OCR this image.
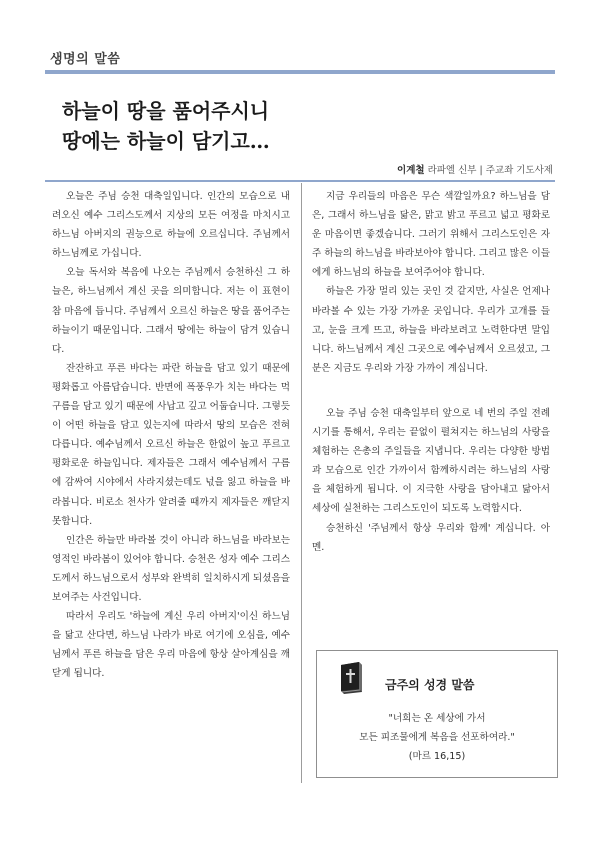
생명의 말씀
하늘이 땅을 품어주시니
땅에는 하늘이 담기고…
이계철 라파엘 신부 | 주교좌 기도사제

오늘은 주님 승천 대축일입니다. 인간의 모습으로 내려오신 예수 그리스도께서 지상의 모든 여정을 마치시고 하느님 아버지의 권능으로 하늘에 오르십니다. 주님께서 하느님께로 가십니다.

오늘 독서와 복음에 나오는 주님께서 승천하신 그 하늘은, 하느님께서 계신 곳을 의미합니다. 저는 이 표현이 참 마음에 듭니다. 주님께서 오르신 하늘은 땅을 품어주는 하늘이기 때문입니다. 그래서 땅에는 하늘이 담겨 있습니다.

잔잔하고 푸른 바다는 파란 하늘을 담고 있기 때문에 평화롭고 아름답습니다. 반면에 폭풍우가 치는 바다는 먹구름을 담고 있기 때문에 사납고 깊고 어둡습니다. 그렇듯이 어떤 하늘을 담고 있는지에 따라서 땅의 모습은 전혀 다릅니다. 예수님께서 오르신 하늘은 한없이 높고 푸르고 평화로운 하늘입니다. 제자들은 그래서 예수님께서 구름에 감싸여 시야에서 사라지셨는데도 넋을 잃고 하늘을 바라봅니다. 비로소 천사가 알려줄 때까지 제자들은 깨닫지 못합니다.

인간은 하늘만 바라볼 것이 아니라 하느님을 바라보는 영적인 바라봄이 있어야 합니다. 승천은 성자 예수 그리스도께서 하느님으로서 성부와 완벽히 일치하시게 되셨음을 보여주는 사건입니다.

따라서 우리도 '하늘에 계신 우리 아버지'이신 하느님을 닮고 산다면, 하느님 나라가 바로 여기에 오심을, 예수님께서 푸른 하늘을 담은 우리 마음에 항상 살아계심을 깨닫게 됩니다.

지금 우리들의 마음은 무슨 색깔일까요? 하느님을 담은, 그래서 하느님을 닮은, 맑고 밝고 푸르고 넓고 평화로운 마음이면 좋겠습니다. 그러기 위해서 그리스도인은 자주 하늘의 하느님을 바라보아야 합니다. 그리고 많은 이들에게 하느님의 하늘을 보여주어야 합니다.

하늘은 가장 멀리 있는 곳인 것 같지만, 사실은 언제나 바라볼 수 있는 가장 가까운 곳입니다. 우리가 고개를 들고, 눈을 크게 뜨고, 하늘을 바라보려고 노력한다면 말입니다. 하느님께서 계신 그곳으로 예수님께서 오르셨고, 그분은 지금도 우리와 가장 가까이 계십니다.

오늘 주님 승천 대축일부터 앞으로 네 번의 주일 전례시기를 통해서, 우리는 끝없이 펼쳐지는 하느님의 사랑을 체험하는 은총의 주일들을 지냅니다. 우리는 다양한 방법과 모습으로 인간 가까이서 함께하시려는 하느님의 사랑을 체험하게 됩니다. 이 지극한 사랑을 담아내고 닮아서 세상에 실천하는 그리스도인이 되도록 노력합시다.

승천하신 '주님께서 항상 우리와 함께' 계십니다. 아멘.

금주의 성경 말씀
"너희는 온 세상에 가서
모든 피조물에게 복음을 선포하여라."
(마르 16,15)
